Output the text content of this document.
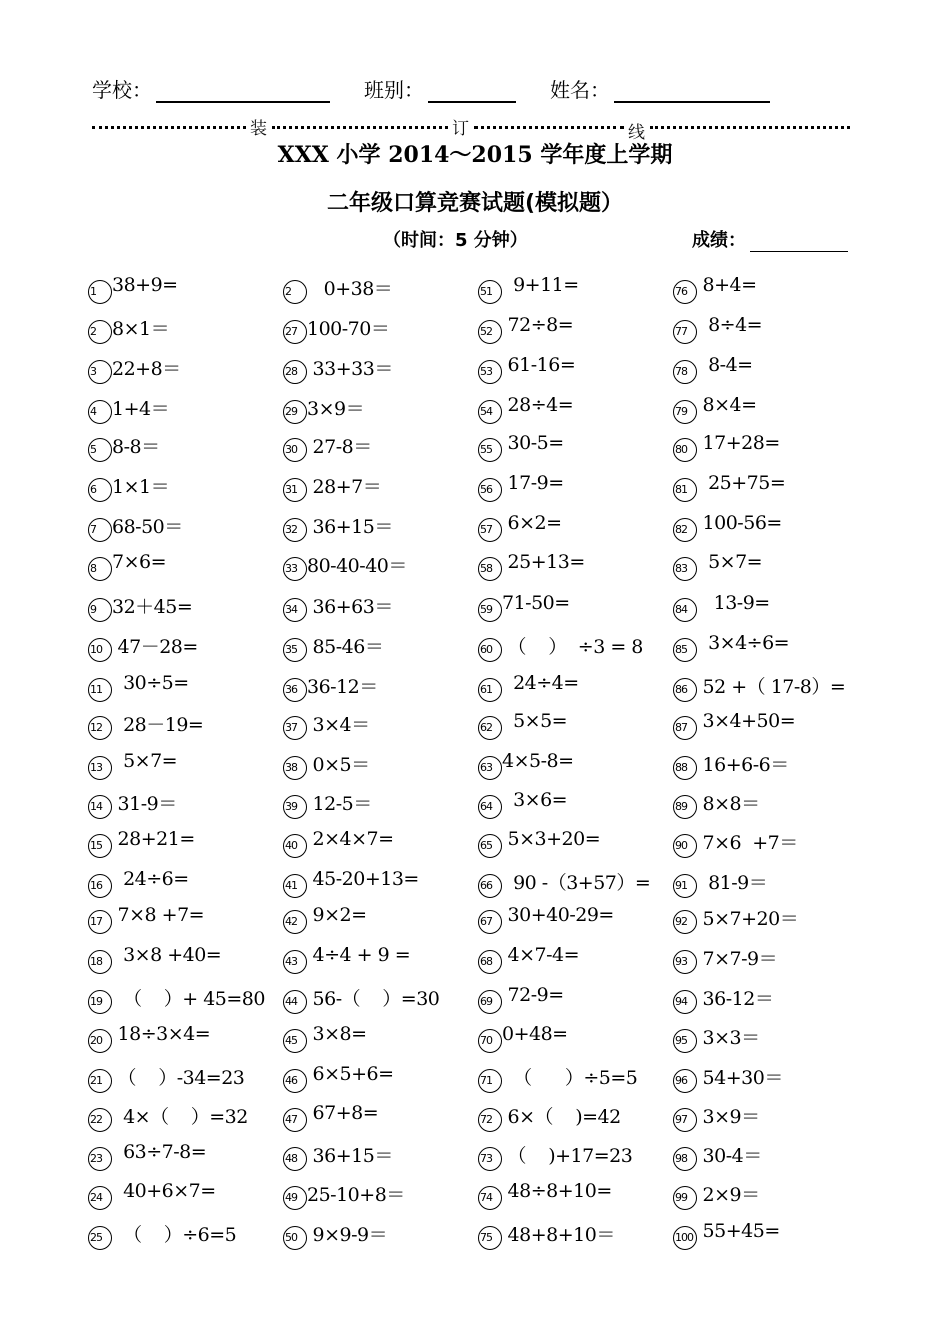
学校：	班别：	姓名：
装	订	线
XXX 小学 2014～2015 学年度上学期
二年级口算竞赛试题(模拟题）
（时间：5 分钟）	成绩：
1 38+9=
2 8×1＝
3 22+8＝
4 1+4＝
5 8-8＝
6 1×1＝
7 68-50＝
8 7×6=
9 32＋45=
10 47－28=
11 30÷5=
12 28－19=
13 5×7=
14 31-9＝
15 28+21=
16 24÷6=
17 7×8 +7=
18 3×8 +40=
19 （    ）+ 45=80
20 18÷3×4=
21 （    ）-34=23
22 4×（    ）=32
23 63÷7-8=
24 40+6×7=
25 （    ）÷6=5
2 0+38＝
27 100-70＝
28 33+33＝
29 3×9＝
30 27-8＝
31 28+7＝
32 36+15＝
33 80-40-40＝
34 36+63＝
35 85-46＝
36 36-12＝
37 3×4＝
38 0×5＝
39 12-5＝
40 2×4×7=
41 45-20+13=
42 9×2=
43 4÷4 + 9 =
44 56-（    ）=30
45 3×8=
46 6×5+6=
47 67+8=
48 36+15＝
49 25-10+8＝
50 9×9-9＝
51 9+11=
52 72÷8=
53 61-16=
54 28÷4=
55 30-5=
56 17-9=
57 6×2=
58 25+13=
59 71-50=
60 （    ）  ÷3 = 8
61 24÷4=
62 5×5=
63 4×5-8=
64 3×6=
65 5×3+20=
66 90 -（3+57）=
67 30+40-29=
68 4×7-4=
69 72-9=
70 0+48=
71 （      ）÷5=5
72 6×（    )=42
73 （    )+17=23
74 48÷8+10=
75 48+8+10＝
76 8+4=
77 8÷4=
78 8-4=
79 8×4=
80 17+28=
81 25+75=
82 100-56=
83 5×7=
84 13-9=
85 3×4÷6=
86 52 +（ 17-8）=
87 3×4+50=
88 16+6-6＝
89 8×8＝
90 7×6  +7＝
91 81-9＝
92 5×7+20＝
93 7×7-9＝
94 36-12＝
95 3×3＝
96 54+30＝
97 3×9＝
98 30-4＝
99 2×9＝
100 55+45=
